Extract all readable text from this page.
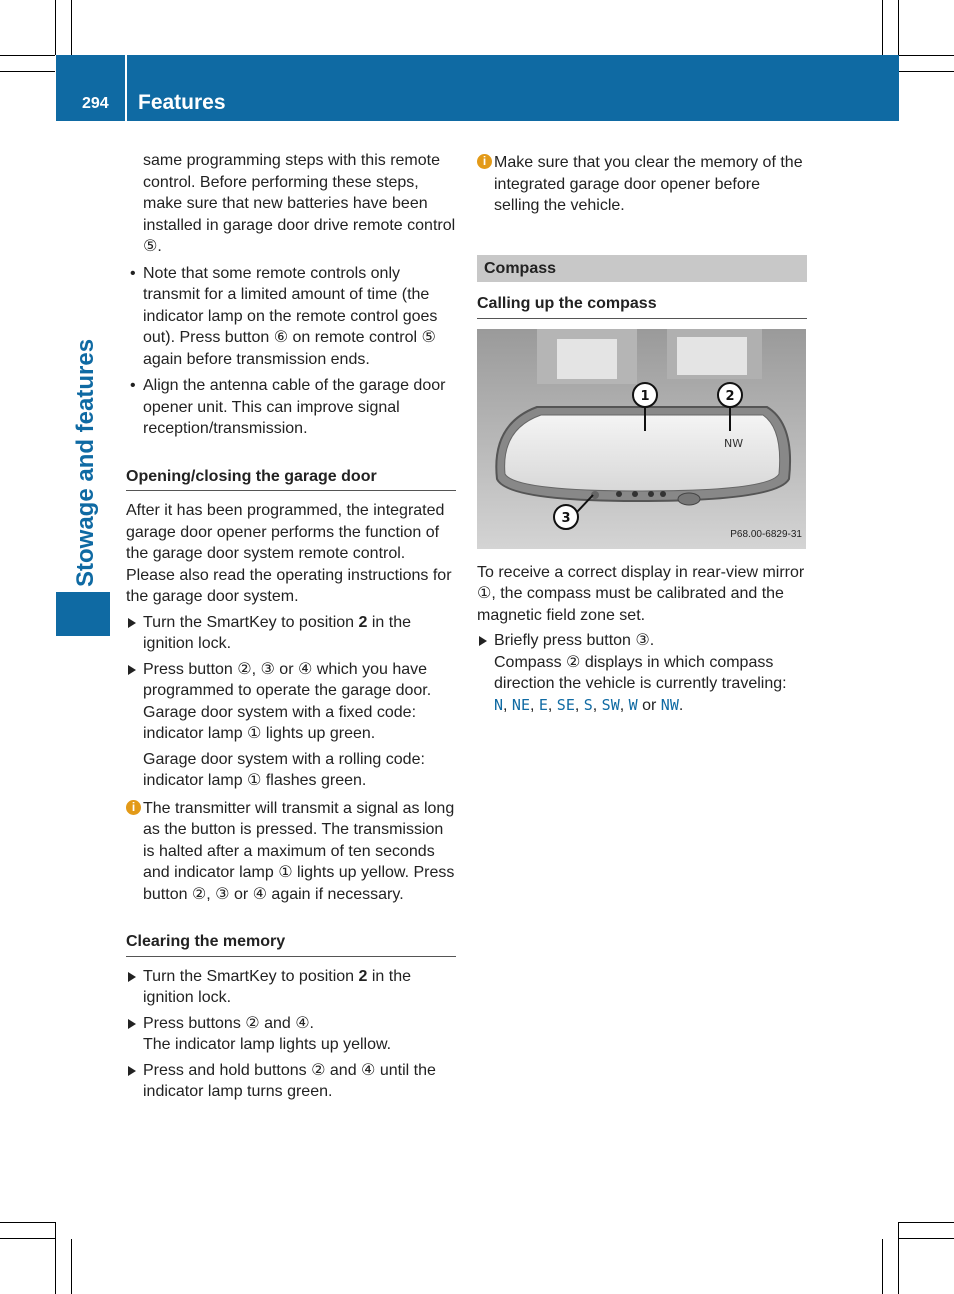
294 Features
Stowage and features

same programming steps with this remote control. Before performing these steps, make sure that new batteries have been installed in garage door drive remote control ⑤.

• Note that some remote controls only transmit for a limited amount of time (the indicator lamp on the remote control goes out). Press button ⑥ on remote control ⑤ again before transmission ends.
• Align the antenna cable of the garage door opener unit. This can improve signal reception/transmission.
Opening/closing the garage door

After it has been programmed, the integrated garage door opener performs the function of the garage door system remote control. Please also read the operating instructions for the garage door system.

Turn the SmartKey to position 2 in the ignition lock.
Press button ②, ③ or ④ which you have programmed to operate the garage door. Garage door system with a fixed code: indicator lamp ① lights up green.

Garage door system with a rolling code: indicator lamp ① flashes green.

i The transmitter will transmit a signal as long as the button is pressed. The transmission is halted after a maximum of ten seconds and indicator lamp ① lights up yellow. Press button ②, ③ or ④ again if necessary.
Clearing the memory
Turn the SmartKey to position 2 in the ignition lock.
Press buttons ② and ④.
The indicator lamp lights up yellow.
Press and hold buttons ② and ④ until the indicator lamp turns green.
i Make sure that you clear the memory of the integrated garage door opener before selling the vehicle.
Compass
Calling up the compass
NW
1	2
3
P68.00-6829-31

To receive a correct display in rear-view mirror ①, the compass must be calibrated and the magnetic field zone set.

Briefly press button ③.
Compass ② displays in which compass direction the vehicle is currently traveling:
N, NE, E, SE, S, SW, W or NW.
